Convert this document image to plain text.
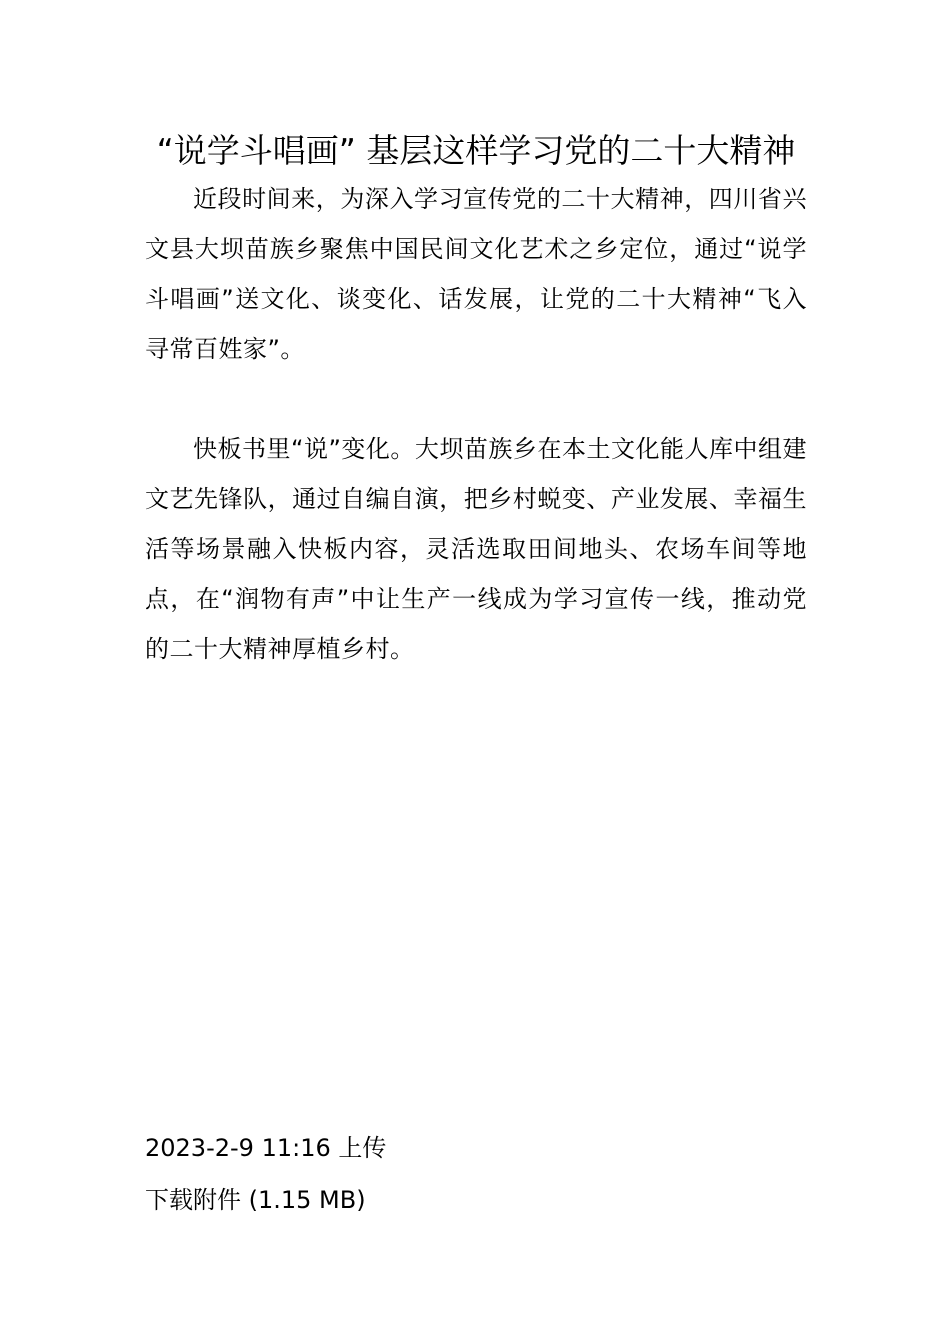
“说学斗唱画” 基层这样学习党的二十大精神

近段时间来，为深入学习宣传党的二十大精神，四川省兴文县大坝苗族乡聚焦中国民间文化艺术之乡定位，通过“说学斗唱画”送文化、谈变化、话发展，让党的二十大精神“飞入寻常百姓家”。

快板书里“说”变化。大坝苗族乡在本土文化能人库中组建文艺先锋队，通过自编自演，把乡村蜕变、产业发展、幸福生活等场景融入快板内容，灵活选取田间地头、农场车间等地点，在“润物有声”中让生产一线成为学习宣传一线，推动党的二十大精神厚植乡村。

2023-2-9 11:16 上传

下载附件 (1.15 MB)
